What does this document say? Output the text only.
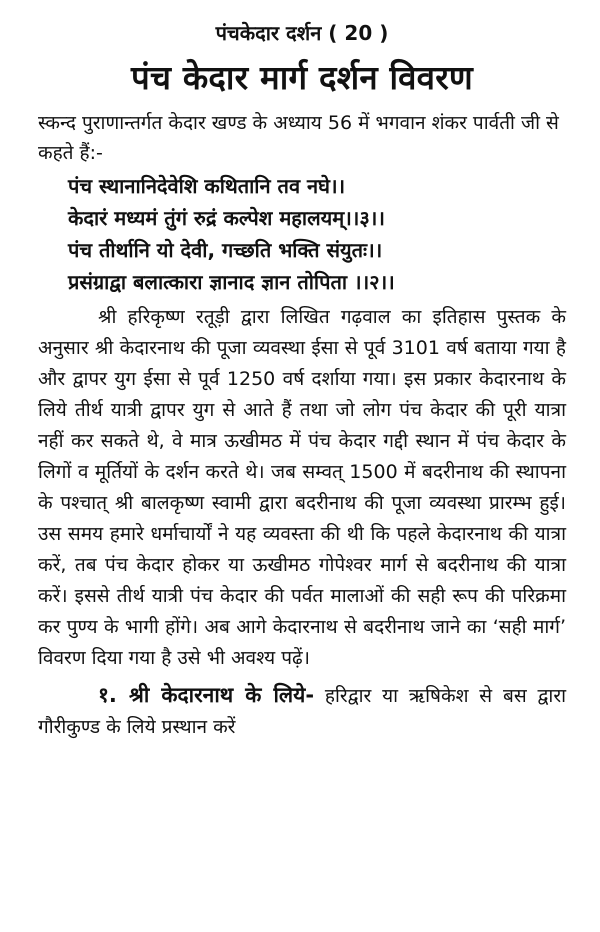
पंचकेदार दर्शन ( 20 )
पंच केदार मार्ग दर्शन विवरण

स्कन्द पुराणान्तर्गत केदार खण्ड के अध्याय 56 में भगवान शंकर पार्वती जी से कहते हैं:-

पंच स्थानानिदेवेशि कथितानि तव नघे।।
केदारं मध्यमं तुंगं रुद्रं कल्पेश महालयम्।।३।।
पंच तीर्थानि यो देवी, गच्छति भक्ति संयुतः।।
प्रसंग्राद्वा बलात्कारा ज्ञानाद ज्ञान तोपिता ।।२।।

श्री हरिकृष्ण रतूड़ी द्वारा लिखित गढ़वाल का इतिहास पुस्तक के अनुसार श्री केदारनाथ की पूजा व्यवस्था ईसा से पूर्व 3101 वर्ष बताया गया है और द्वापर युग ईसा से पूर्व 1250 वर्ष दर्शाया गया। इस प्रकार केदारनाथ के लिये तीर्थ यात्री द्वापर युग से आते हैं तथा जो लोग पंच केदार की पूरी यात्रा नहीं कर सकते थे, वे मात्र ऊखीमठ में पंच केदार गद्दी स्थान में पंच केदार के लिगों व मूर्तियों के दर्शन करते थे। जब सम्वत् 1500 में बदरीनाथ की स्थापना के पश्चात् श्री बालकृष्ण स्वामी द्वारा बदरीनाथ की पूजा व्यवस्था प्रारम्भ हुई। उस समय हमारे धर्माचार्यों ने यह व्यवस्ता की थी कि पहले केदारनाथ की यात्रा करें, तब पंच केदार होकर या ऊखीमठ गोपेश्वर मार्ग से बदरीनाथ की यात्रा करें। इससे तीर्थ यात्री पंच केदार की पर्वत मालाओं की सही रूप की परिक्रमा कर पुण्य के भागी होंगे। अब आगे केदारनाथ से बदरीनाथ जाने का ‘सही मार्ग’ विवरण दिया गया है उसे भी अवश्य पढ़ें।

१. श्री केदारनाथ के लिये- हरिद्वार या ऋषिकेश से बस द्वारा गौरीकुण्ड के लिये प्रस्थान करें
